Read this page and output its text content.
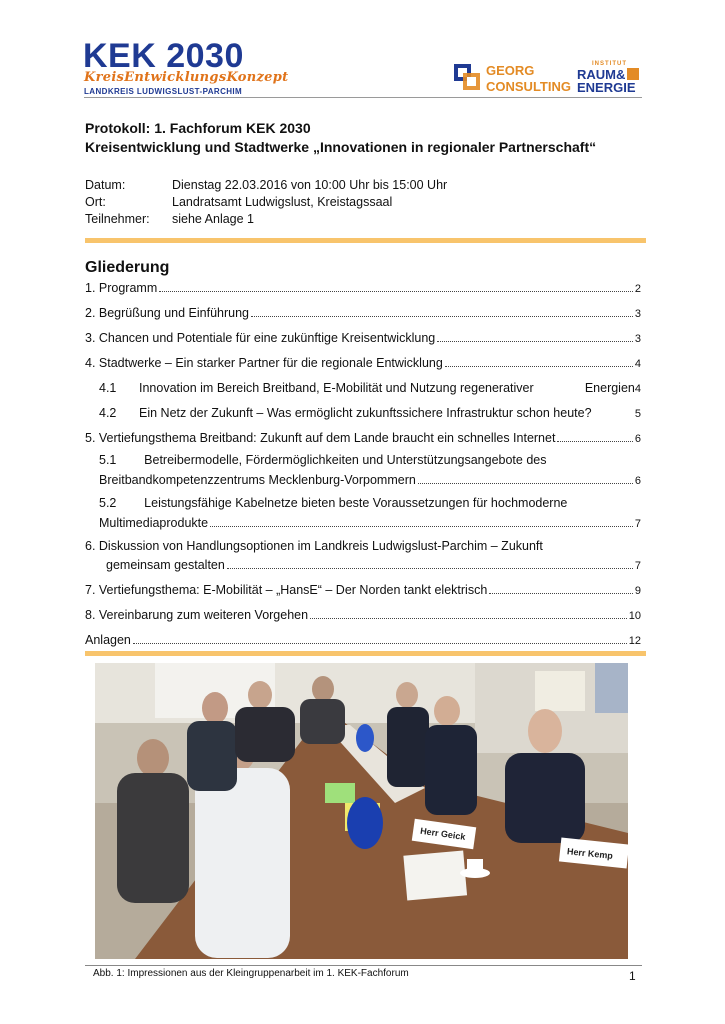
KEK 2030
KreisEntwicklungsKonzept
LANDKREIS LUDWIGSLUST-PARCHIM
GEORG
CONSULTING
INSTITUT
RAUM&
ENERGIE
Protokoll: 1. Fachforum KEK 2030
Kreisentwicklung und Stadtwerke „Innovationen in regionaler Partnerschaft“
Datum:	Dienstag 22.03.2016 von 10:00 Uhr bis 15:00 Uhr
Ort:	Landratsamt Ludwigslust, Kreistagssaal
Teilnehmer: siehe Anlage 1
Gliederung
1. Programm	2
2. Begrüßung und Einführung	3
3. Chancen und Potentiale für eine zukünftige Kreisentwicklung	3
4. Stadtwerke – Ein starker Partner für die regionale Entwicklung	4
4.1	Innovation im Bereich Breitband, E-Mobilität und Nutzung regenerativer	Energien 4
4.2	Ein Netz der Zukunft – Was ermöglicht zukunftssichere Infrastruktur schon heute?	5
5. Vertiefungsthema Breitband: Zukunft auf dem Lande braucht ein schnelles Internet	6
5.1        Betreibermodelle, Fördermöglichkeiten und Unterstützungsangebote des
Breitbandkompetenzzentrums Mecklenburg-Vorpommern	6
5.2        Leistungsfähige Kabelnetze bieten beste Voraussetzungen für hochmoderne
Multimediaprodukte	7
6. Diskussion von Handlungsoptionen im Landkreis Ludwigslust-Parchim – Zukunft
gemeinsam gestalten	7
7. Vertiefungsthema: E-Mobilität – „HansE“ – Der Norden tankt elektrisch	9
8. Vereinbarung zum weiteren Vorgehen	10
Anlagen	12
Herr Geick
Herr Kemp
Abb. 1: Impressionen aus der Kleingruppenarbeit im 1. KEK-Fachforum	1
